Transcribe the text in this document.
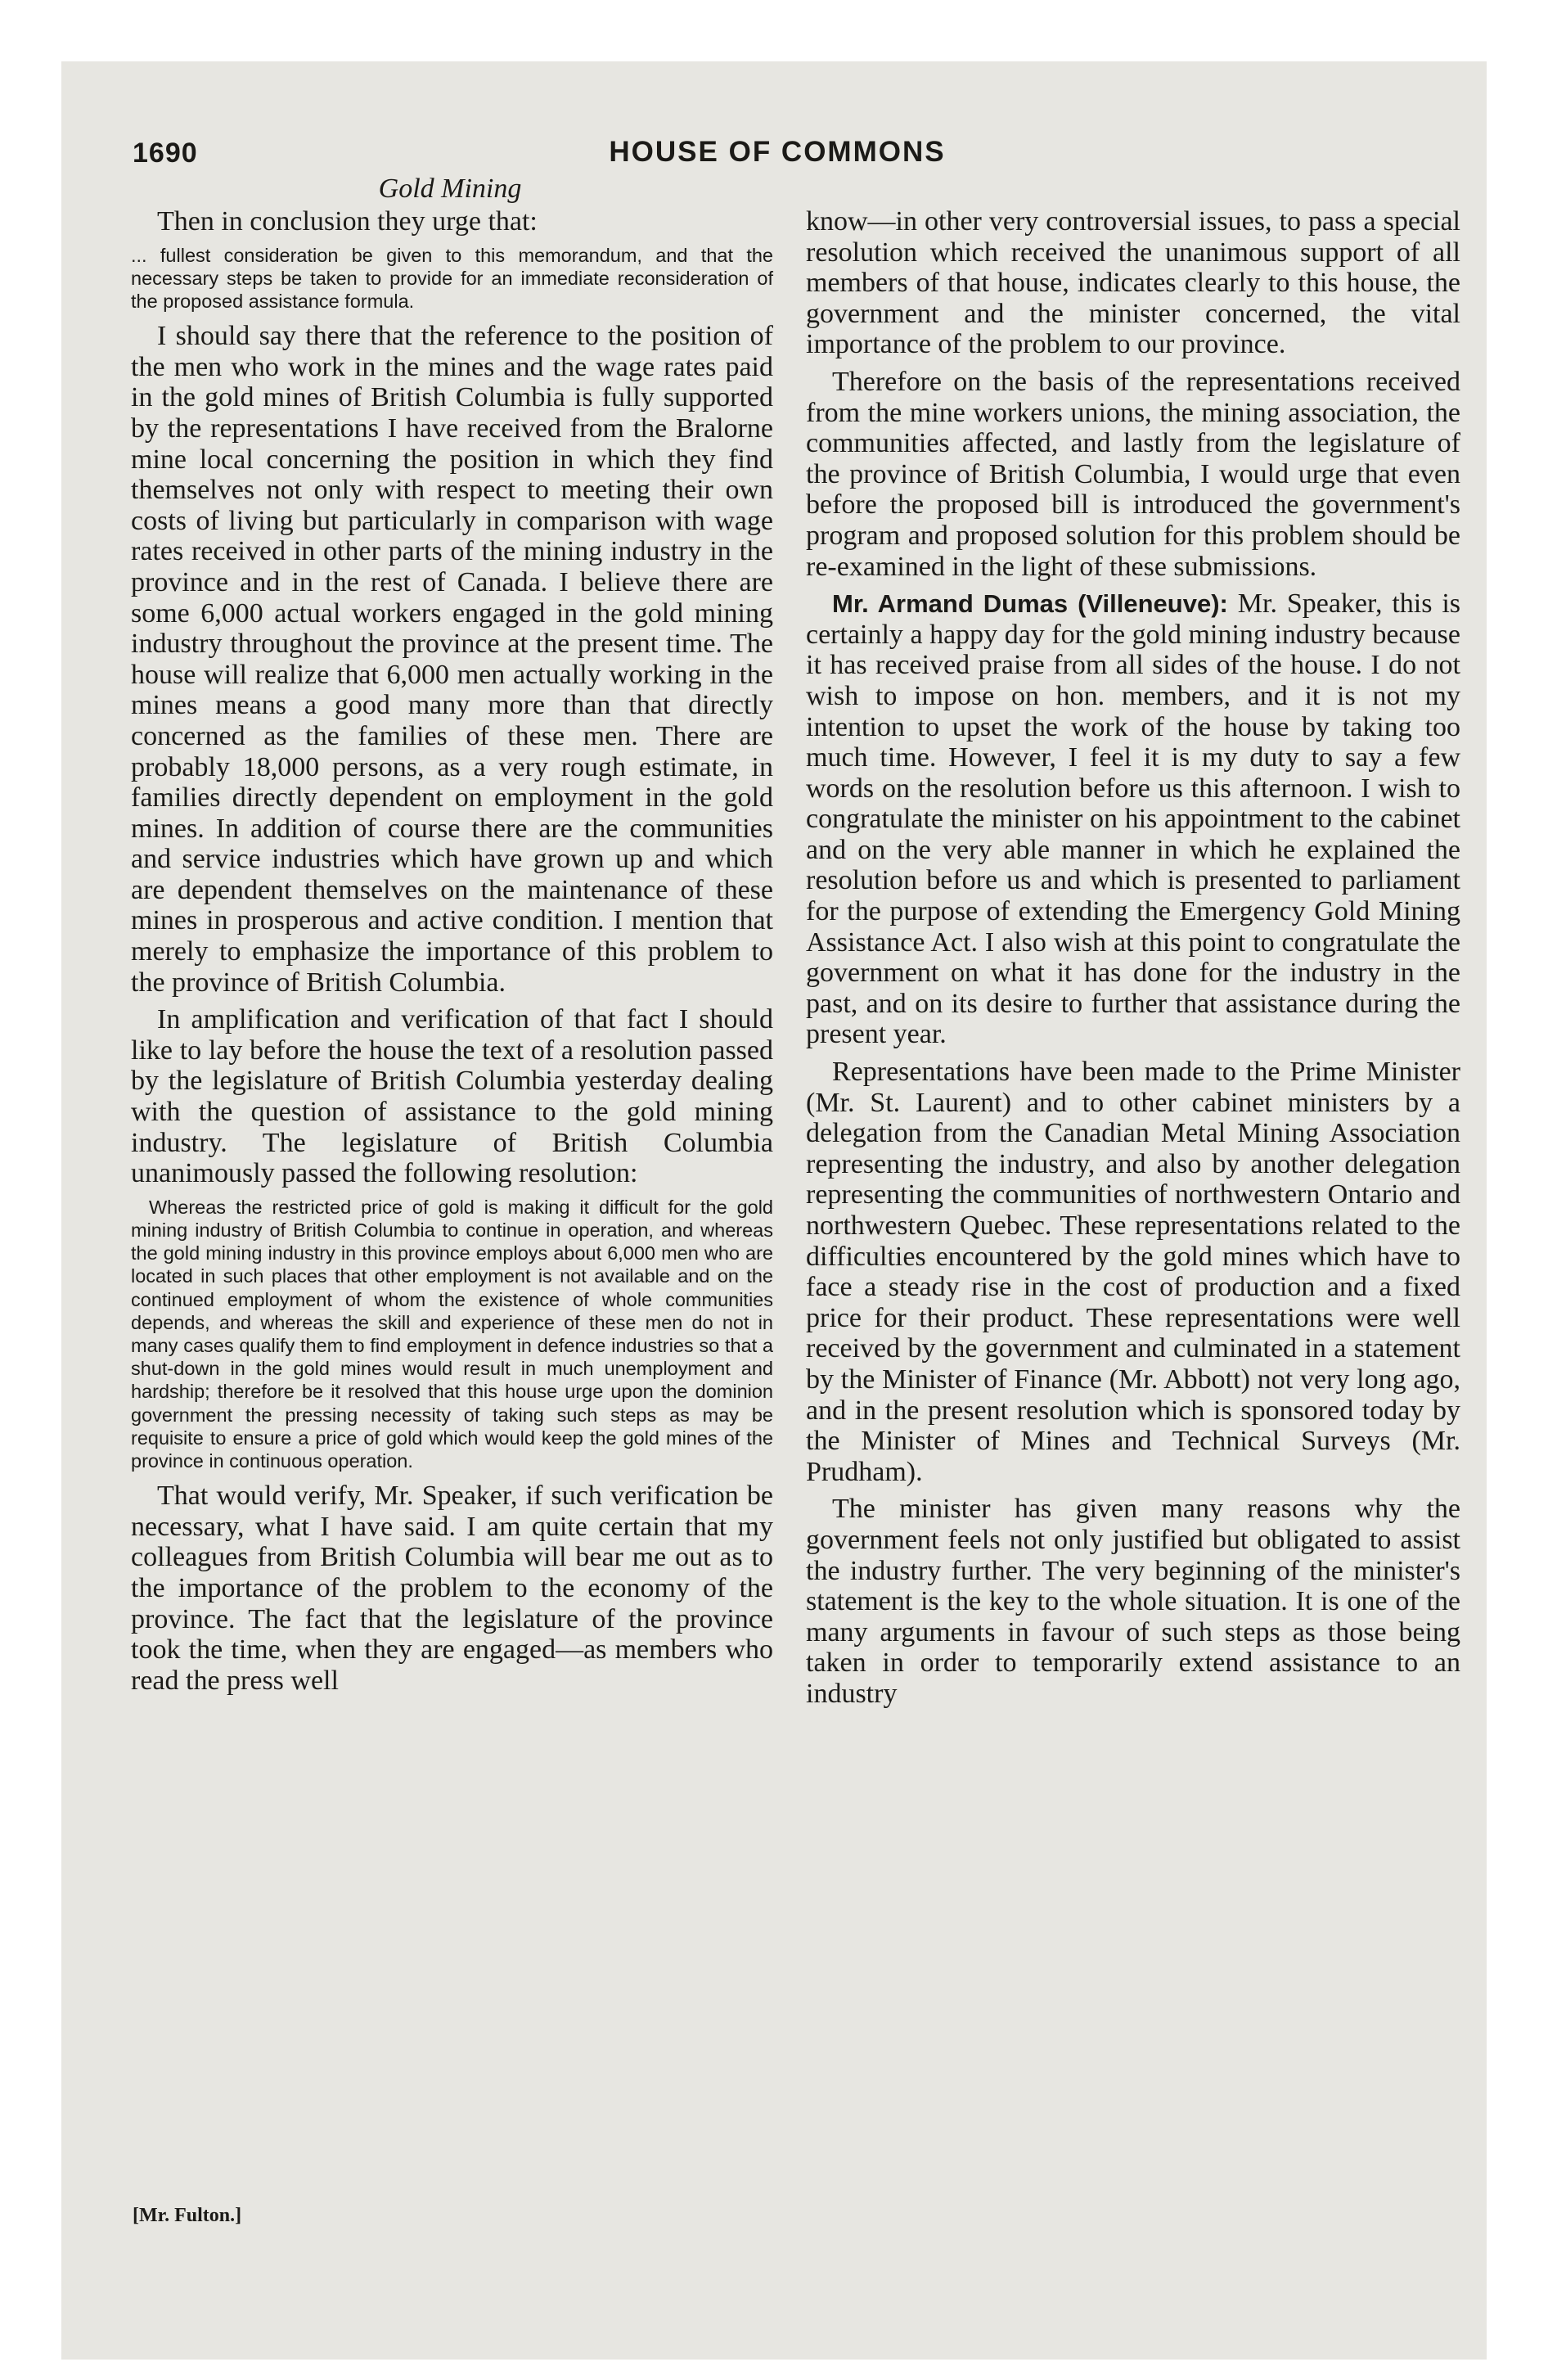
1690	HOUSE OF COMMONS
Gold Mining

Then in conclusion they urge that:

... fullest consideration be given to this memorandum, and that the necessary steps be taken to provide for an immediate reconsideration of the proposed assistance formula.

I should say there that the reference to the position of the men who work in the mines and the wage rates paid in the gold mines of British Columbia is fully supported by the representations I have received from the Bralorne mine local concerning the position in which they find themselves not only with respect to meeting their own costs of living but particularly in comparison with wage rates received in other parts of the mining industry in the province and in the rest of Canada. I believe there are some 6,000 actual workers engaged in the gold mining industry throughout the province at the present time. The house will realize that 6,000 men actually working in the mines means a good many more than that directly concerned as the families of these men. There are probably 18,000 persons, as a very rough estimate, in families directly dependent on employment in the gold mines. In addition of course there are the communities and service industries which have grown up and which are dependent themselves on the maintenance of these mines in prosperous and active condition. I mention that merely to emphasize the importance of this problem to the province of British Columbia.

In amplification and verification of that fact I should like to lay before the house the text of a resolution passed by the legislature of British Columbia yesterday dealing with the question of assistance to the gold mining industry. The legislature of British Columbia unanimously passed the following resolution:

Whereas the restricted price of gold is making it difficult for the gold mining industry of British Columbia to continue in operation, and whereas the gold mining industry in this province employs about 6,000 men who are located in such places that other employment is not available and on the continued employment of whom the existence of whole communities depends, and whereas the skill and experience of these men do not in many cases qualify them to find employment in defence industries so that a shut-down in the gold mines would result in much unemployment and hardship; therefore be it resolved that this house urge upon the dominion government the pressing necessity of taking such steps as may be requisite to ensure a price of gold which would keep the gold mines of the province in continuous operation.

That would verify, Mr. Speaker, if such verification be necessary, what I have said. I am quite certain that my colleagues from British Columbia will bear me out as to the importance of the problem to the economy of the province. The fact that the legislature of the province took the time, when they are engaged—as members who read the press well

know—in other very controversial issues, to pass a special resolution which received the unanimous support of all members of that house, indicates clearly to this house, the government and the minister concerned, the vital importance of the problem to our province.

Therefore on the basis of the representations received from the mine workers unions, the mining association, the communities affected, and lastly from the legislature of the province of British Columbia, I would urge that even before the proposed bill is introduced the government's program and proposed solution for this problem should be re-examined in the light of these submissions.

Mr. Armand Dumas (Villeneuve): Mr. Speaker, this is certainly a happy day for the gold mining industry because it has received praise from all sides of the house. I do not wish to impose on hon. members, and it is not my intention to upset the work of the house by taking too much time. However, I feel it is my duty to say a few words on the resolution before us this afternoon. I wish to congratulate the minister on his appointment to the cabinet and on the very able manner in which he explained the resolution before us and which is presented to parliament for the purpose of extending the Emergency Gold Mining Assistance Act. I also wish at this point to congratulate the government on what it has done for the industry in the past, and on its desire to further that assistance during the present year.

Representations have been made to the Prime Minister (Mr. St. Laurent) and to other cabinet ministers by a delegation from the Canadian Metal Mining Association representing the industry, and also by another delegation representing the communities of northwestern Ontario and northwestern Quebec. These representations related to the difficulties encountered by the gold mines which have to face a steady rise in the cost of production and a fixed price for their product. These representations were well received by the government and culminated in a statement by the Minister of Finance (Mr. Abbott) not very long ago, and in the present resolution which is sponsored today by the Minister of Mines and Technical Surveys (Mr. Prudham).

The minister has given many reasons why the government feels not only justified but obligated to assist the industry further. The very beginning of the minister's statement is the key to the whole situation. It is one of the many arguments in favour of such steps as those being taken in order to temporarily extend assistance to an industry

[Mr. Fulton.]
